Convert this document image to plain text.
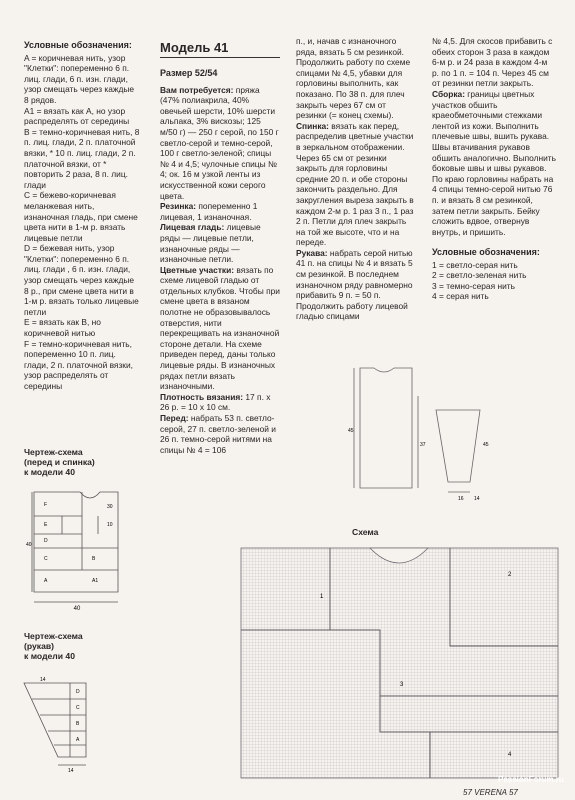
Условные обозначения:

A = коричневая нить, узор "Клетки": попеременно 6 п. лиц. глади, 6 п. изн. глади, узор смещать через каждые 8 рядов.

A1 = вязать как A, но узор распределять от середины

B = темно-коричневая нить, 8 п. лиц. глади, 2 п. платочной вязки, * 10 п. лиц. глади, 2 п. платочной вязки, от * повторить 2 раза, 8 п. лиц. глади

C = бежево-коричневая меланжевая нить, изнаночная гладь, при смене цвета нити в 1-м р. вязать лицевые петли

D = бежевая нить, узор "Клетки": попеременно 6 п. лиц. глади , 6 п. изн. глади, узор смещать через каждые 8 р., при смене цвета нити в 1-м р. вязать только лицевые петли

E = вязать как B, но коричневой нитью

F = темно-коричневая нить, попеременно 10 п. лиц. глади, 2 п. платочной вязки, узор распределять от середины

Модель 41

Размер 52/54

Вам потребуется: пряжа (47% полиакрила, 40% овечьей шерсти, 10% шерсти альпака, 3% вискозы; 125 м/50 г) — 250 г серой, по 150 г светло-серой и темно-серой, 100 г светло-зеленой; спицы № 4 и 4,5; чулочные спицы № 4; ок. 16 м узкой ленты из искусственной кожи серого цвета.

Резинка: попеременно 1 лицевая, 1 изнаночная.

Лицевая гладь: лицевые ряды — лицевые петли, изнаночные ряды — изнаночные петли.

Цветные участки: вязать по схеме лицевой гладью от отдельных клубков. Чтобы при смене цвета в вязаном полотне не образовывалось отверстия, нити перекрещивать на изнаночной стороне детали. На схеме приведен перед, даны только лицевые ряды. В изнаночных рядах петли вязать изнаночными.

Плотность вязания: 17 п. х 26 р. = 10 х 10 см.

Перед: набрать 53 п. светло-серой, 27 п. светло-зеленой и 26 п. темно-серой нитями на спицы № 4 = 106

п., и, начав с изнаночного ряда, вязать 5 см резинкой. Продолжить работу по схеме спицами № 4,5, убавки для горловины выполнить, как показано. По 38 п. для плеч закрыть через 67 см от резинки (= конец схемы).

Спинка: вязать как перед, распределив цветные участки в зеркальном отображении. Через 65 см от резинки закрыть для горловины средние 20 п. и обе стороны закончить раздельно. Для закругления выреза закрыть в каждом 2-м р. 1 раз 3 п., 1 раз 2 п. Петли для плеч закрыть на той же высоте, что и на переде.

Рукава: набрать серой нитью 41 п. на спицы № 4 и вязать 5 см резинкой. В последнем изнаночном ряду равномерно прибавить 9 п. = 50 п. Продолжить работу лицевой гладью спицами

№ 4,5. Для скосов прибавить с обеих сторон 3 раза в каждом 6-м р. и 24 раза в каждом 4-м р. по 1 п. = 104 п. Через 45 см от резинки петли закрыть.

Сборка: границы цветных участков обшить краеобметочными стежками лентой из кожи. Выполнить плечевые швы, вшить рукава. Швы втачивания рукавов обшить аналогично. Выполнить боковые швы и швы рукавов. По краю горловины набрать на 4 спицы темно-серой нитью 76 п. и вязать 8 см резинкой, затем петли закрыть. Бейку сложить вдвое, отвернув внутрь, и пришить.

Условные обозначения:

1 = светло-серая нить

2 = светло-зеленая нить

3 = темно-серая нить

4 = серая нить

Чертеж-схема
(перед и спинка)
к модели 40
Чертеж-схема
(рукав)
к модели 40
40
30
10
40
F
E
D
C	B
A	A1
14
14
D
C
B
A
45
37	45
16 14
Схема
1
2
3
4
57 VERENA 57
PassionForum.ru
